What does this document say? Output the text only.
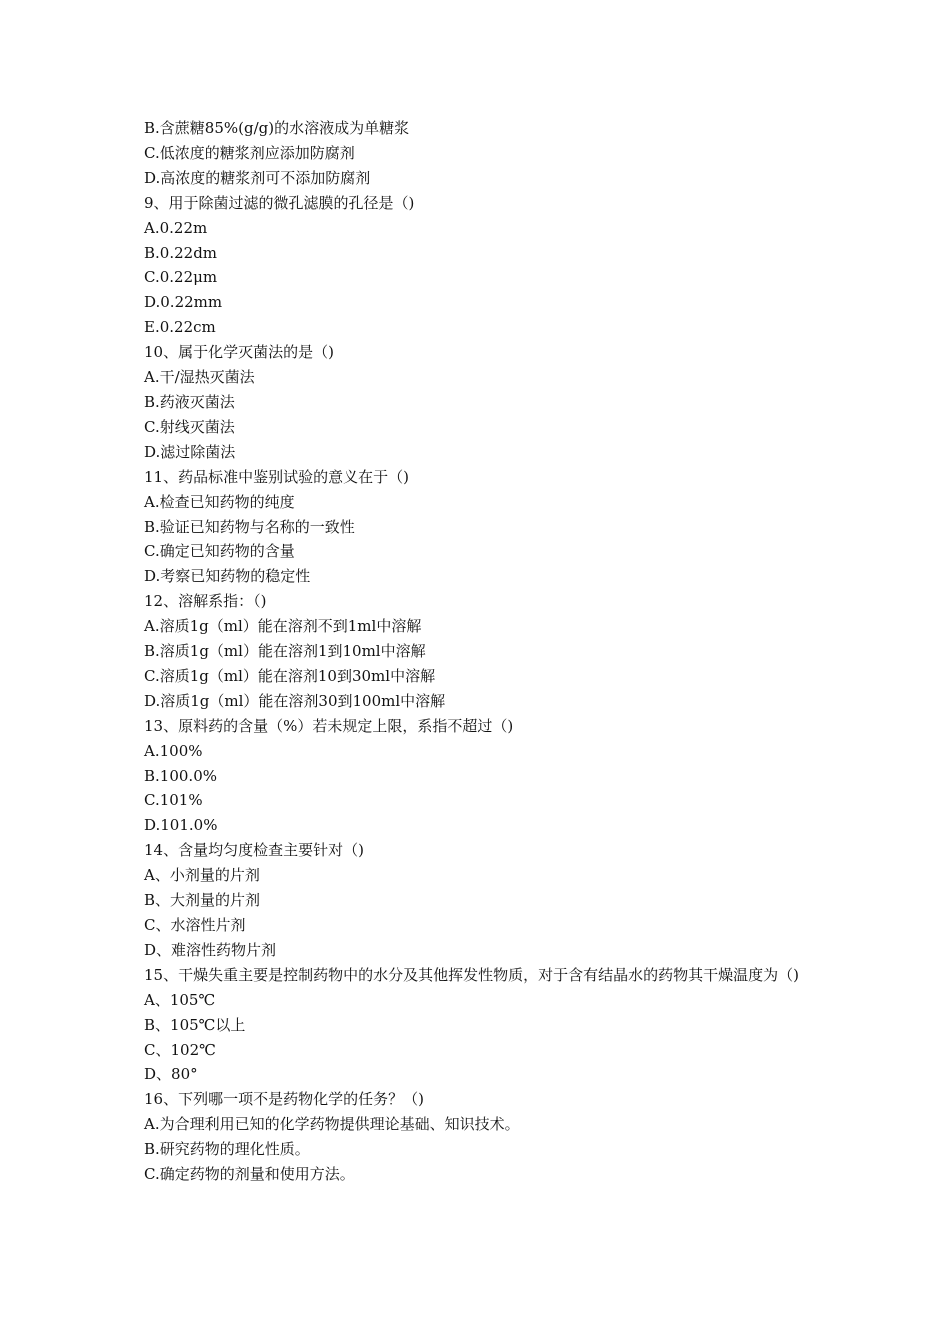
B.含蔗糖85%(g/g)的水溶液成为单糖浆

C.低浓度的糖浆剂应添加防腐剂

D.高浓度的糖浆剂可不添加防腐剂

9、用于除菌过滤的微孔滤膜的孔径是（)

A.0.22m

B.0.22dm

C.0.22μm

D.0.22mm

E.0.22cm

10、属于化学灭菌法的是（)

A.干/湿热灭菌法

B.药液灭菌法

C.射线灭菌法

D.滤过除菌法

11、药品标准中鉴别试验的意义在于（)

A.检查已知药物的纯度

B.验证已知药物与名称的一致性

C.确定已知药物的含量

D.考察已知药物的稳定性

12、溶解系指：（)

A.溶质1g（ml）能在溶剂不到1ml中溶解

B.溶质1g（ml）能在溶剂1到10ml中溶解

C.溶质1g（ml）能在溶剂10到30ml中溶解

D.溶质1g（ml）能在溶剂30到100ml中溶解

13、原料药的含量（%）若未规定上限，系指不超过（)

A.100%

B.100.0%

C.101%

D.101.0%

14、含量均匀度检查主要针对（)

A、小剂量的片剂

B、大剂量的片剂

C、水溶性片剂

D、难溶性药物片剂

15、干燥失重主要是控制药物中的水分及其他挥发性物质，对于含有结晶水的药物其干燥温度为（)

A、105℃

B、105℃以上

C、102℃

D、80°

16、下列哪一项不是药物化学的任务？（)

A.为合理利用已知的化学药物提供理论基础、知识技术。

B.研究药物的理化性质。

C.确定药物的剂量和使用方法。
